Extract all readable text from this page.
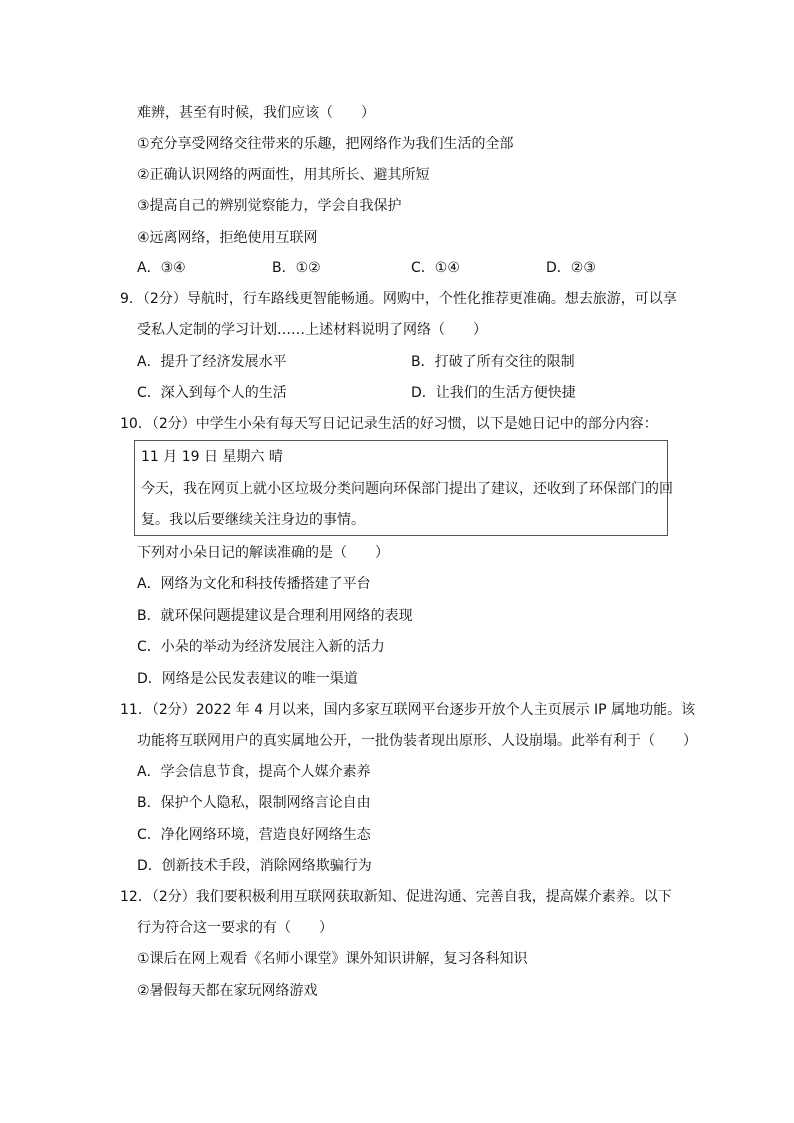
难辨，甚至有时候，我们应该（　　）
①充分享受网络交往带来的乐趣，把网络作为我们生活的全部
②正确认识网络的两面性，用其所长、避其所短
③提高自己的辨别觉察能力，学会自我保护
④远离网络，拒绝使用互联网
A．③④	B．①②	C．①④	D．②③
9．（2分）导航时，行车路线更智能畅通。网购中，个性化推荐更准确。想去旅游，可以享
受私人定制的学习计划……上述材料说明了网络（　　）
A．提升了经济发展水平	B．打破了所有交往的限制
C．深入到每个人的生活	D．让我们的生活方便快捷
10．（2分）中学生小朵有每天写日记记录生活的好习惯，以下是她日记中的部分内容：
11 月 19 日 星期六 晴
今天，我在网页上就小区垃圾分类问题向环保部门提出了建议，还收到了环保部门的回
复。我以后要继续关注身边的事情。
下列对小朵日记的解读准确的是（　　）
A．网络为文化和科技传播搭建了平台
B．就环保问题提建议是合理利用网络的表现
C．小朵的举动为经济发展注入新的活力
D．网络是公民发表建议的唯一渠道
11．（2分）2022 年 4 月以来，国内多家互联网平台逐步开放个人主页展示 IP 属地功能。该
功能将互联网用户的真实属地公开，一批伪装者现出原形、人设崩塌。此举有利于（　　）
A．学会信息节食，提高个人媒介素养
B．保护个人隐私，限制网络言论自由
C．净化网络环境，营造良好网络生态
D．创新技术手段，消除网络欺骗行为
12．（2分）我们要积极利用互联网获取新知、促进沟通、完善自我，提高媒介素养。以下
行为符合这一要求的有（　　）
①课后在网上观看《名师小课堂》课外知识讲解，复习各科知识
②暑假每天都在家玩网络游戏
